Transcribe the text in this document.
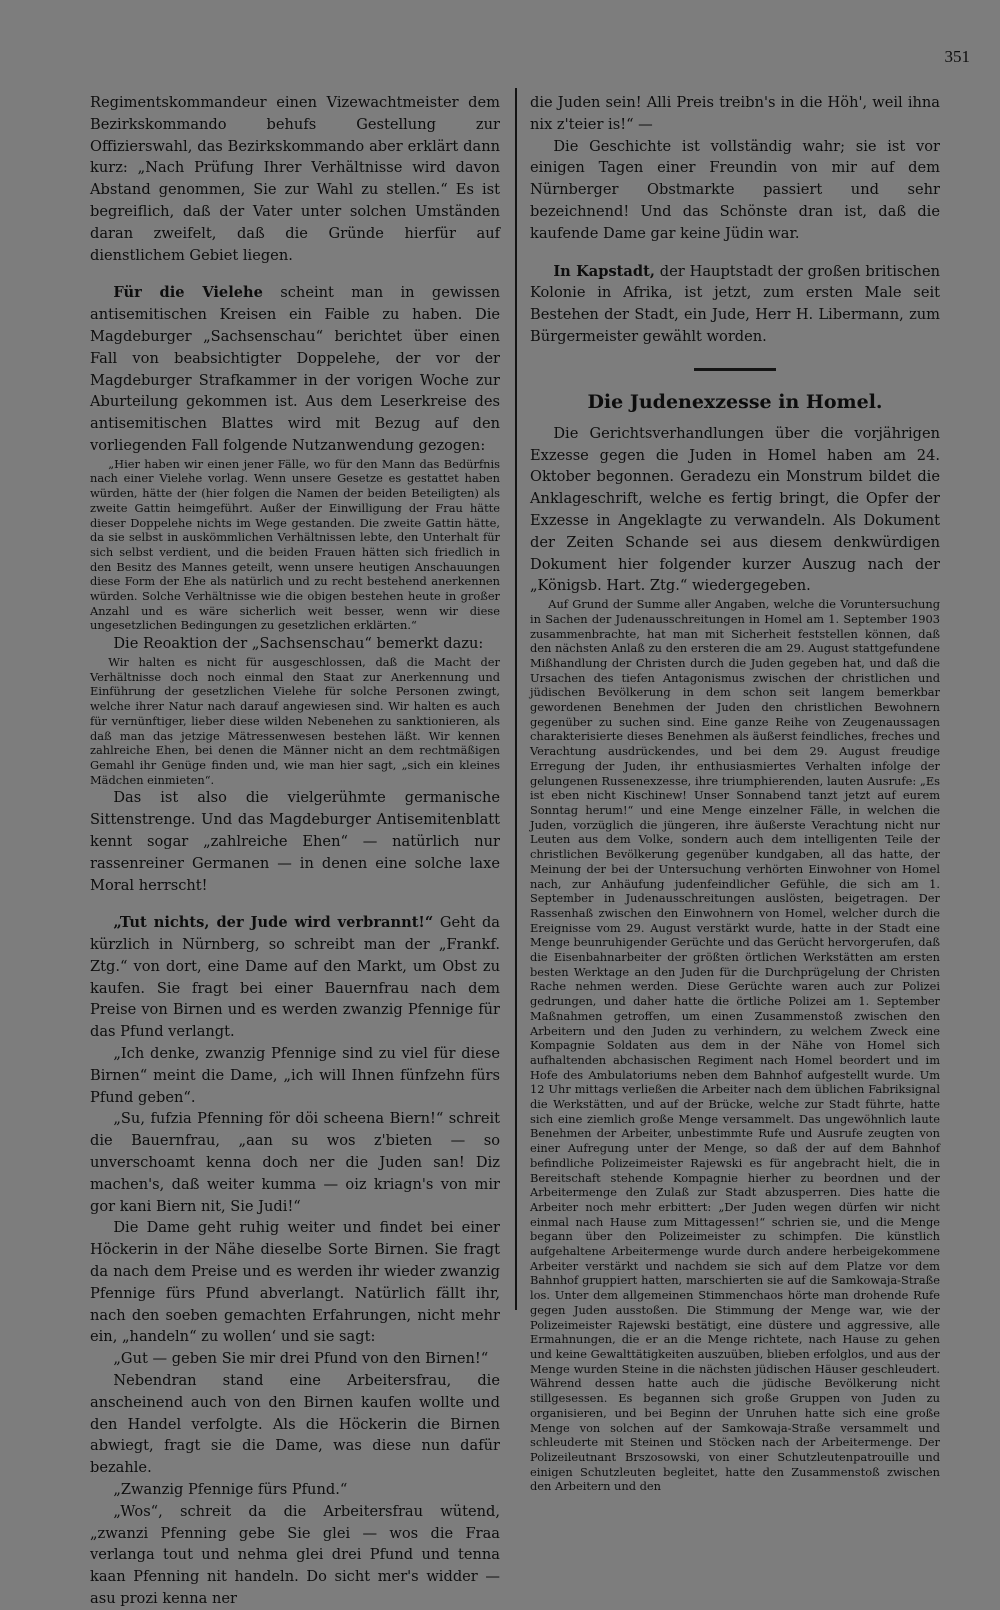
351

Regimentskommandeur einen Vizewachtmeister dem Bezirkskommando behufs Gestellung zur Offizierswahl, das Bezirkskommando aber erklärt dann kurz: „Nach Prüfung Ihrer Verhältnisse wird davon Abstand genommen, Sie zur Wahl zu stellen.“ Es ist begreiflich, daß der Vater unter solchen Umständen daran zweifelt, daß die Gründe hierfür auf dienstlichem Gebiet liegen.

Für die Vielehe scheint man in gewissen antisemitischen Kreisen ein Faible zu haben. Die Magdeburger „Sachsenschau“ berichtet über einen Fall von beabsichtigter Doppelehe, der vor der Magdeburger Strafkammer in der vorigen Woche zur Aburteilung gekommen ist. Aus dem Leserkreise des antisemitischen Blattes wird mit Bezug auf den vorliegenden Fall folgende Nutzanwendung gezogen:

„Hier haben wir einen jener Fälle, wo für den Mann das Bedürfnis nach einer Vielehe vorlag. Wenn unsere Gesetze es gestattet haben würden, hätte der (hier folgen die Namen der beiden Beteiligten) als zweite Gattin heimgeführt. Außer der Einwilligung der Frau hätte dieser Doppelehe nichts im Wege gestanden. Die zweite Gattin hätte, da sie selbst in auskömmlichen Verhältnissen lebte, den Unterhalt für sich selbst verdient, und die beiden Frauen hätten sich friedlich in den Besitz des Mannes geteilt, wenn unsere heutigen Anschauungen diese Form der Ehe als natürlich und zu recht bestehend anerkennen würden. Solche Verhältnisse wie die obigen bestehen heute in großer Anzahl und es wäre sicherlich weit besser, wenn wir diese ungesetzlichen Bedingungen zu gesetzlichen erklärten.“

Die Reoaktion der „Sachsenschau“ bemerkt dazu:

Wir halten es nicht für ausgeschlossen, daß die Macht der Verhältnisse doch noch einmal den Staat zur Anerkennung und Einführung der gesetzlichen Vielehe für solche Personen zwingt, welche ihrer Natur nach darauf angewiesen sind. Wir halten es auch für vernünftiger, lieber diese wilden Nebenehen zu sanktionieren, als daß man das jetzige Mätressenwesen bestehen läßt. Wir kennen zahlreiche Ehen, bei denen die Männer nicht an dem rechtmäßigen Gemahl ihr Genüge finden und, wie man hier sagt, „sich ein kleines Mädchen einmieten“.

Das ist also die vielgerühmte germanische Sittenstrenge. Und das Magdeburger Antisemitenblatt kennt sogar „zahlreiche Ehen“ — natürlich nur rassenreiner Germanen — in denen eine solche laxe Moral herrscht!

„Tut nichts, der Jude wird verbrannt!“ Geht da kürzlich in Nürnberg, so schreibt man der „Frankf. Ztg.“ von dort, eine Dame auf den Markt, um Obst zu kaufen. Sie fragt bei einer Bauernfrau nach dem Preise von Birnen und es werden zwanzig Pfennige für das Pfund verlangt.

„Ich denke, zwanzig Pfennige sind zu viel für diese Birnen“ meint die Dame, „ich will Ihnen fünfzehn fürs Pfund geben“.

„Su, fufzia Pfenning för döi scheena Biern!“ schreit die Bauernfrau, „aan su wos z'bieten — so unverschoamt kenna doch ner die Juden san! Diz machen's, daß weiter kumma — oiz kriagn's von mir gor kani Biern nit, Sie Judi!“

Die Dame geht ruhig weiter und findet bei einer Höckerin in der Nähe dieselbe Sorte Birnen. Sie fragt da nach dem Preise und es werden ihr wieder zwanzig Pfennige fürs Pfund abverlangt. Natürlich fällt ihr, nach den soeben gemachten Erfahrungen, nicht mehr ein, „handeln“ zu wollen‘ und sie sagt:

„Gut — geben Sie mir drei Pfund von den Birnen!“

Nebendran stand eine Arbeitersfrau, die anscheinend auch von den Birnen kaufen wollte und den Handel verfolgte. Als die Höckerin die Birnen abwiegt, fragt sie die Dame, was diese nun dafür bezahle.

„Zwanzig Pfennige fürs Pfund.“

„Wos“, schreit da die Arbeitersfrau wütend, „zwanzi Pfenning gebe Sie glei — wos die Fraa verlanga tout und nehma glei drei Pfund und tenna kaan Pfenning nit handeln. Do sicht mer's widder — asu prozi kenna ner

die Juden sein! Alli Preis treibn's in die Höh', weil ihna nix z'teier is!“ —

Die Geschichte ist vollständig wahr; sie ist vor einigen Tagen einer Freundin von mir auf dem Nürnberger Obstmarkte passiert und sehr bezeichnend! Und das Schönste dran ist, daß die kaufende Dame gar keine Jüdin war.

In Kapstadt, der Hauptstadt der großen britischen Kolonie in Afrika, ist jetzt, zum ersten Male seit Bestehen der Stadt, ein Jude, Herr H. Libermann, zum Bürgermeister gewählt worden.

Die Judenexzesse in Homel.

Die Gerichtsverhandlungen über die vorjährigen Exzesse gegen die Juden in Homel haben am 24. Oktober begonnen. Geradezu ein Monstrum bildet die Anklageschrift, welche es fertig bringt, die Opfer der Exzesse in Angeklagte zu verwandeln. Als Dokument der Zeiten Schande sei aus diesem denkwürdigen Dokument hier folgender kurzer Auszug nach der „Königsb. Hart. Ztg.“ wiedergegeben.

Auf Grund der Summe aller Angaben, welche die Voruntersuchung in Sachen der Judenausschreitungen in Homel am 1. September 1903 zusammenbrachte, hat man mit Sicherheit feststellen können, daß den nächsten Anlaß zu den ersteren die am 29. August stattgefundene Mißhandlung der Christen durch die Juden gegeben hat, und daß die Ursachen des tiefen Antagonismus zwischen der christlichen und jüdischen Bevölkerung in dem schon seit langem bemerkbar gewordenen Benehmen der Juden den christlichen Bewohnern gegenüber zu suchen sind. Eine ganze Reihe von Zeugenaussagen charakterisierte dieses Benehmen als äußerst feindliches, freches und Verachtung ausdrückendes, und bei dem 29. August freudige Erregung der Juden, ihr enthusiasmiertes Verhalten infolge der gelungenen Russenexzesse, ihre triumphierenden, lauten Ausrufe: „Es ist eben nicht Kischinew! Unser Sonnabend tanzt jetzt auf eurem Sonntag herum!“ und eine Menge einzelner Fälle, in welchen die Juden, vorzüglich die jüngeren, ihre äußerste Verachtung nicht nur Leuten aus dem Volke, sondern auch dem intelligenten Teile der christlichen Bevölkerung gegenüber kundgaben, all das hatte, der Meinung der bei der Untersuchung verhörten Einwohner von Homel nach, zur Anhäufung judenfeindlicher Gefühle, die sich am 1. September in Judenausschreitungen auslösten, beigetragen. Der Rassenhaß zwischen den Einwohnern von Homel, welcher durch die Ereignisse vom 29. August verstärkt wurde, hatte in der Stadt eine Menge beunruhigender Gerüchte und das Gerücht hervorgerufen, daß die Eisenbahnarbeiter der größten örtlichen Werkstätten am ersten besten Werktage an den Juden für die Durchprügelung der Christen Rache nehmen werden. Diese Gerüchte waren auch zur Polizei gedrungen, und daher hatte die örtliche Polizei am 1. September Maßnahmen getroffen, um einen Zusammenstoß zwischen den Arbeitern und den Juden zu verhindern, zu welchem Zweck eine Kompagnie Soldaten aus dem in der Nähe von Homel sich aufhaltenden abchasischen Regiment nach Homel beordert und im Hofe des Ambulatoriums neben dem Bahnhof aufgestellt wurde. Um 12 Uhr mittags verließen die Arbeiter nach dem üblichen Fabriksignal die Werkstätten, und auf der Brücke, welche zur Stadt führte, hatte sich eine ziemlich große Menge versammelt. Das ungewöhnlich laute Benehmen der Arbeiter, unbestimmte Rufe und Ausrufe zeugten von einer Aufregung unter der Menge, so daß der auf dem Bahnhof befindliche Polizeimeister Rajewski es für angebracht hielt, die in Bereitschaft stehende Kompagnie hierher zu beordnen und der Arbeitermenge den Zulaß zur Stadt abzusperren. Dies hatte die Arbeiter noch mehr erbittert: „Der Juden wegen dürfen wir nicht einmal nach Hause zum Mittagessen!“ schrien sie, und die Menge begann über den Polizeimeister zu schimpfen. Die künstlich aufgehaltene Arbeitermenge wurde durch andere herbeigekommene Arbeiter verstärkt und nachdem sie sich auf dem Platze vor dem Bahnhof gruppiert hatten, marschierten sie auf die Samkowaja-Straße los. Unter dem allgemeinen Stimmenchaos hörte man drohende Rufe gegen Juden ausstoßen. Die Stimmung der Menge war, wie der Polizeimeister Rajewski bestätigt, eine düstere und aggressive, alle Ermahnungen, die er an die Menge richtete, nach Hause zu gehen und keine Gewalttätigkeiten auszuüben, blieben erfolglos, und aus der Menge wurden Steine in die nächsten jüdischen Häuser geschleudert. Während dessen hatte auch die jüdische Bevölkerung nicht stillgesessen. Es begannen sich große Gruppen von Juden zu organisieren, und bei Beginn der Unruhen hatte sich eine große Menge von solchen auf der Samkowaja-Straße versammelt und schleuderte mit Steinen und Stöcken nach der Arbeitermenge. Der Polizeileutnant Brszosowski, von einer Schutzleutenpatrouille und einigen Schutzleuten begleitet, hatte den Zusammenstoß zwischen den Arbeitern und den
